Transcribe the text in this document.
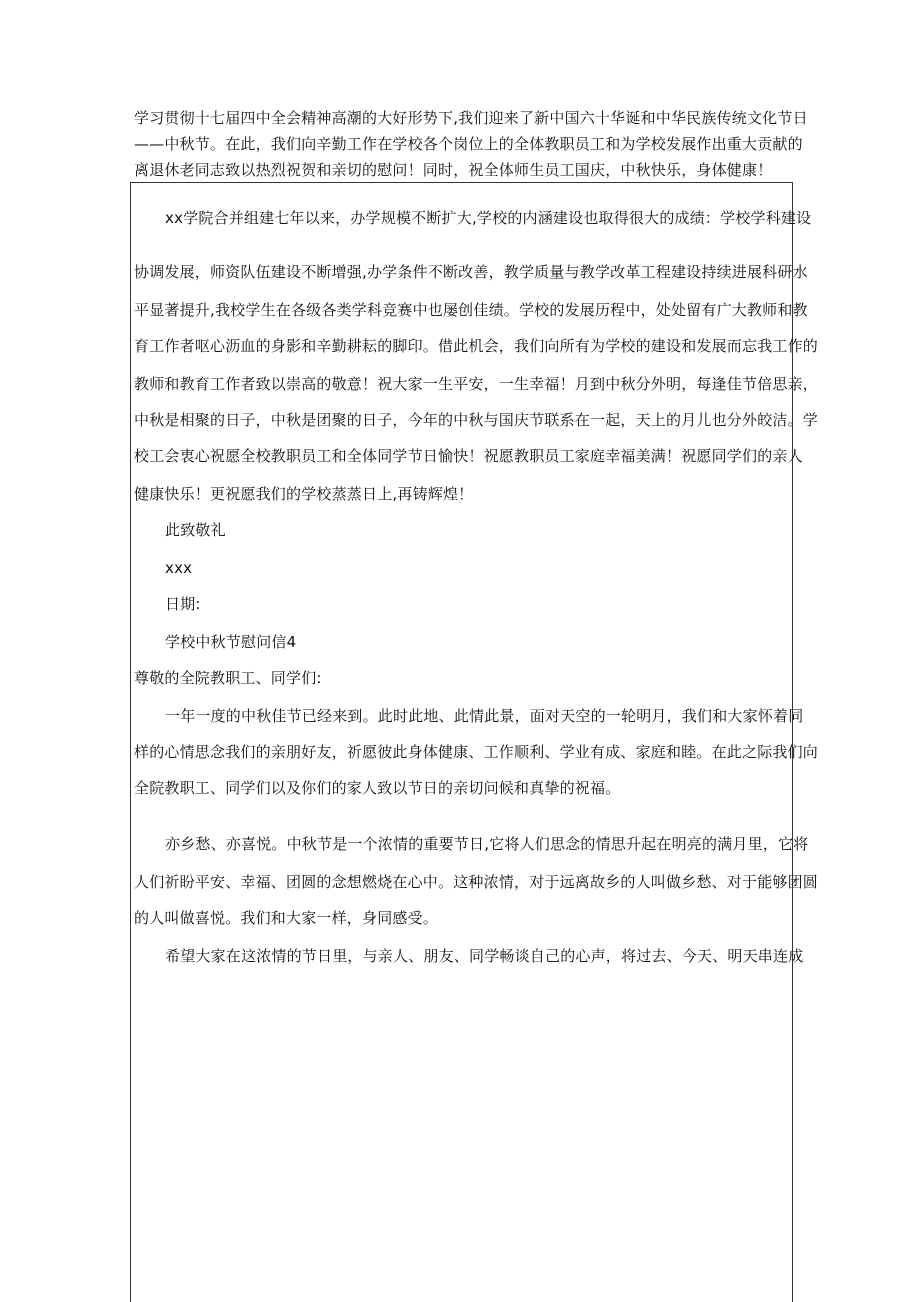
学习贯彻十七届四中全会精神高潮的大好形势下,我们迎来了新中国六十华诞和中华民族传统文化节日
——中秋节。在此，我们向辛勤工作在学校各个岗位上的全体教职员工和为学校发展作出重大贡献的
离退休老同志致以热烈祝贺和亲切的慰问！同时，祝全体师生员工国庆，中秋快乐，身体健康！
xx学院合并组建七年以来，办学规模不断扩大,学校的内涵建设也取得很大的成绩：学校学科建设
协调发展，师资队伍建设不断增强,办学条件不断改善，教学质量与教学改革工程建设持续进展科研水
平显著提升,我校学生在各级各类学科竞赛中也屡创佳绩。学校的发展历程中，处处留有广大教师和教
育工作者呕心沥血的身影和辛勤耕耘的脚印。借此机会，我们向所有为学校的建设和发展而忘我工作的
教师和教育工作者致以崇高的敬意！祝大家一生平安，一生幸福！月到中秋分外明，每逢佳节倍思亲，
中秋是相聚的日子，中秋是团聚的日子，今年的中秋与国庆节联系在一起，天上的月儿也分外皎洁。学
校工会衷心祝愿全校教职员工和全体同学节日愉快！祝愿教职员工家庭幸福美满！祝愿同学们的亲人
健康快乐！更祝愿我们的学校蒸蒸日上,再铸辉煌！
此致敬礼
xxx
日期:
学校中秋节慰问信4
尊敬的全院教职工、同学们:
一年一度的中秋佳节已经来到。此时此地、此情此景，面对天空的一轮明月，我们和大家怀着同
样的心情思念我们的亲朋好友，祈愿彼此身体健康、工作顺利、学业有成、家庭和睦。在此之际我们向
全院教职工、同学们以及你们的家人致以节日的亲切问候和真挚的祝福。
亦乡愁、亦喜悦。中秋节是一个浓情的重要节日,它将人们思念的情思升起在明亮的满月里，它将
人们祈盼平安、幸福、团圆的念想燃烧在心中。这种浓情，对于远离故乡的人叫做乡愁、对于能够团圆
的人叫做喜悦。我们和大家一样，身同感受。
希望大家在这浓情的节日里，与亲人、朋友、同学畅谈自己的心声，将过去、今天、明天串连成
